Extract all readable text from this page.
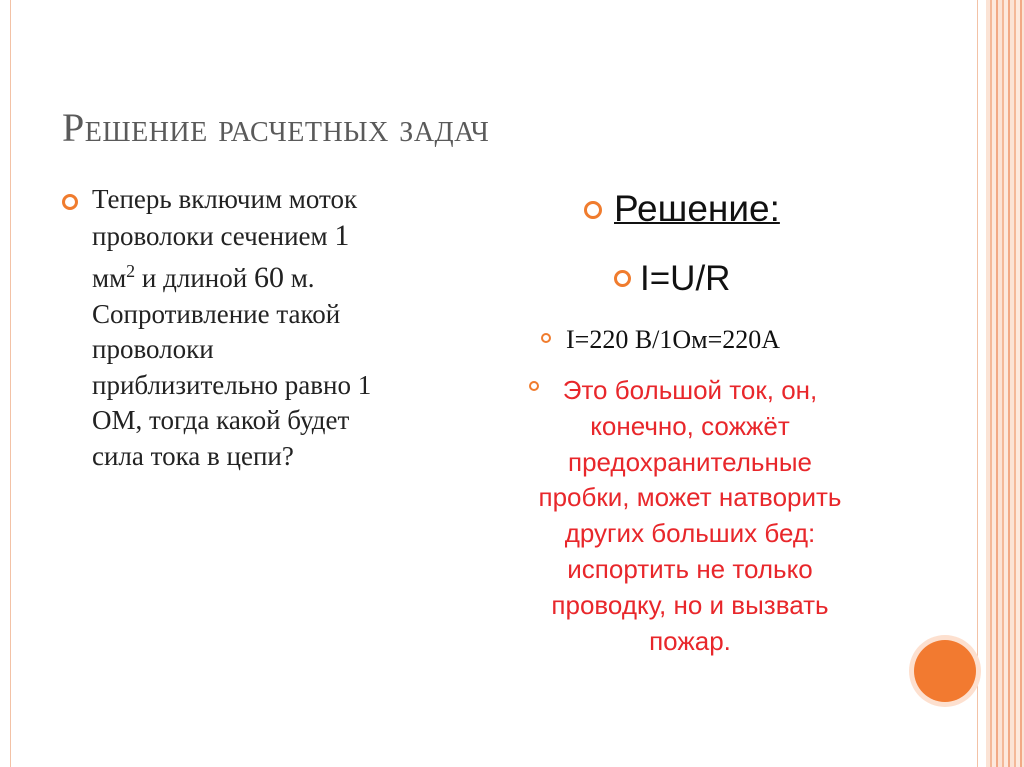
Решение расчетных задач
Теперь включим моток
проволоки сечением 1
$мм^2$ и длиной 60 м.
Сопротивление такой
проволоки
приблизительно равно 1
ОМ, тогда какой будет
сила тока в цепи?
Решение:
I=U/R
I=220 В/1Ом=220А
Это большой ток, он, конечно, сожжёт предохранительные пробки, может натворить других больших бед: испортить не только проводку, но и вызвать пожар.
